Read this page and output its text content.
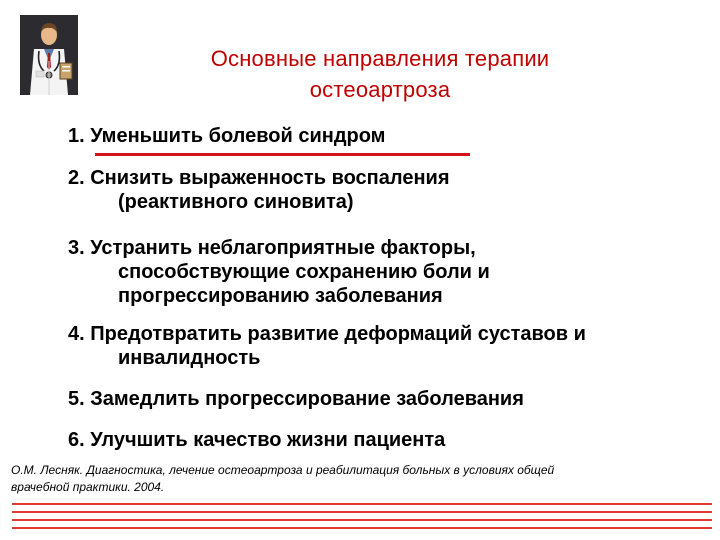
Основные направления терапии
остеоартроза
1. Уменьшить болевой синдром
2. Снизить выраженность воспаления
(реактивного синовита)
3. Устранить неблагоприятные факторы,
способствующие сохранению боли и
прогрессированию заболевания
4. Предотвратить развитие деформаций суставов и
инвалидность
5. Замедлить прогрессирование заболевания
6. Улучшить качество жизни пациента
О.М. Лесняк. Диагностика, лечение остеоартроза и реабилитация больных в условиях общей
врачебной практики. 2004.
